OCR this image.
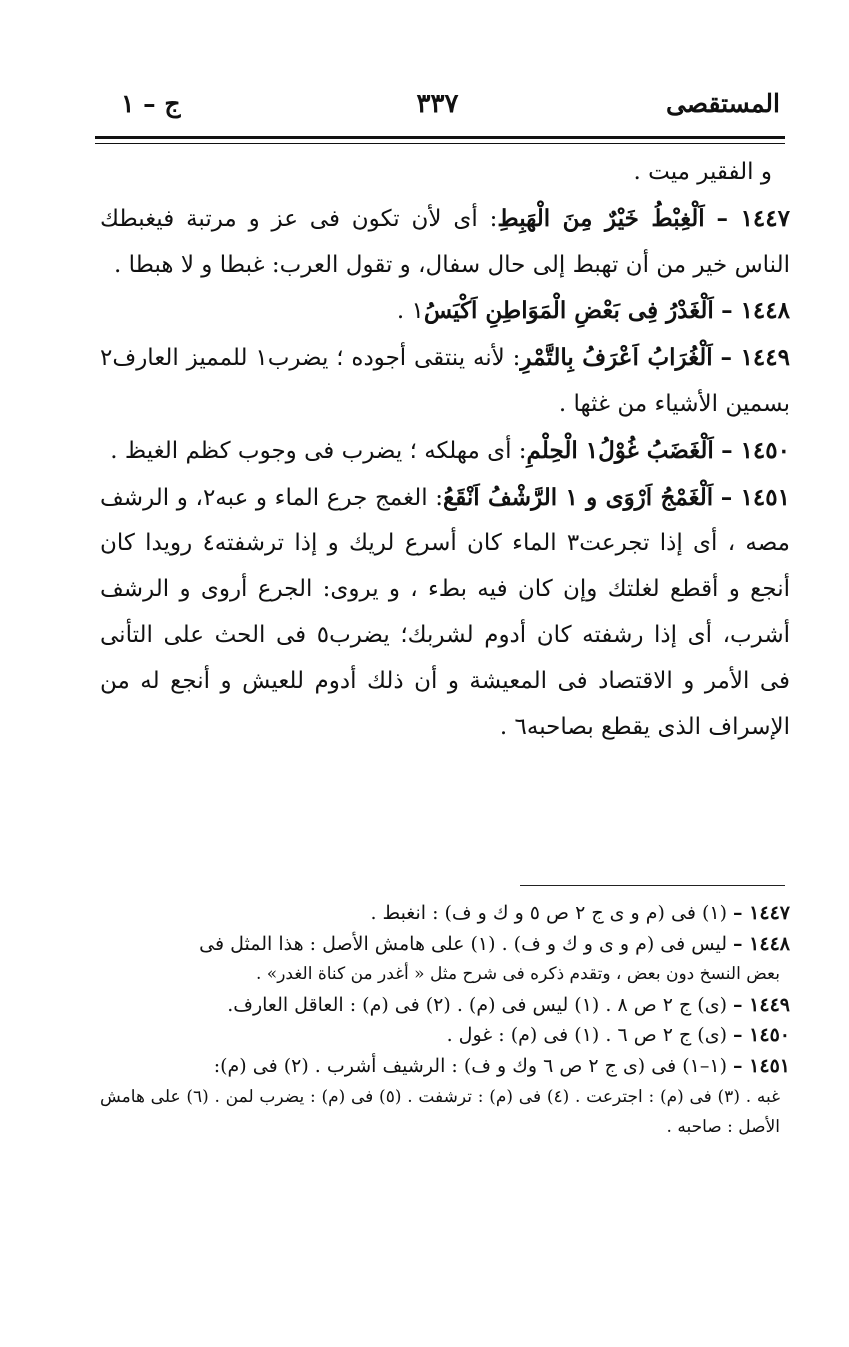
المستقصى
٣٣٧
ج – ١

و الفقير ميت .

١٤٤٧ – اَلْغِبْطُ خَيْرٌ مِنَ الْهَبِطِ: أى لأن تكون فى عز و مرتبة فيغبطك الناس خير من أن تهبط إلى حال سفال، و تقول العرب: غبطا و لا هبطا .

١٤٤٨ – اَلْغَدْرُ فِى بَعْضِ الْمَوَاطِنِ اَكْيَسُ١ .

١٤٤٩ – اَلْغُرَابُ اَعْرَفُ بِالتَّمْرِ: لأنه ينتقى أجوده ؛ يضرب١ للمميز العارف٢ بسمين الأشياء من غثها .

١٤٥٠ – اَلْغَضَبُ غُوْلُ١ الْحِلْمِ: أى مهلكه ؛ يضرب فى وجوب كظم الغيظ .

١٤٥١ – اَلْغَمْجُ اَرْوَى و ١ الرَّشْفُ اَنْقَعُ: الغمج جرع الماء و عبه٢، و الرشف مصه ، أى إذا تجرعت٣ الماء كان أسرع لريك و إذا ترشفته٤ رويدا كان أنجع و أقطع لغلتك وإن كان فيه بطء ، و يروى: الجرع أروى و الرشف أشرب، أى إذا رشفته كان أدوم لشربك؛ يضرب٥ فى الحث على التأنى فى الأمر و الاقتصاد فى المعيشة و أن ذلك أدوم للعيش و أنجع له من الإسراف الذى يقطع بصاحبه٦ .

١٤٤٧ – (١) فى (م و ى ج ٢ ص ٥ و ك و ف) : انغبط .

١٤٤٨ – ليس فى (م و ى و ك و ف) . (١) على هامش الأصل : هذا المثل فى

بعض النسخ دون بعض ، وتقدم ذكره فى شرح مثل « أغدر من كناة الغدر» .

١٤٤٩ – (ى) ج ٢ ص ٨ . (١) ليس فى (م) . (٢) فى (م) : العاقل العارف.

١٤٥٠ – (ى) ج ٢ ص ٦ . (١) فى (م) : غول .

١٤٥١ – (١–١) فى (ى ج ٢ ص ٦ وك و ف) : الرشيف أشرب . (٢) فى (م):

غبه . (٣) فى (م) : اجترعت . (٤) فى (م) : ترشفت . (٥) فى (م) : يضرب لمن . (٦) على هامش الأصل : صاحبه .
